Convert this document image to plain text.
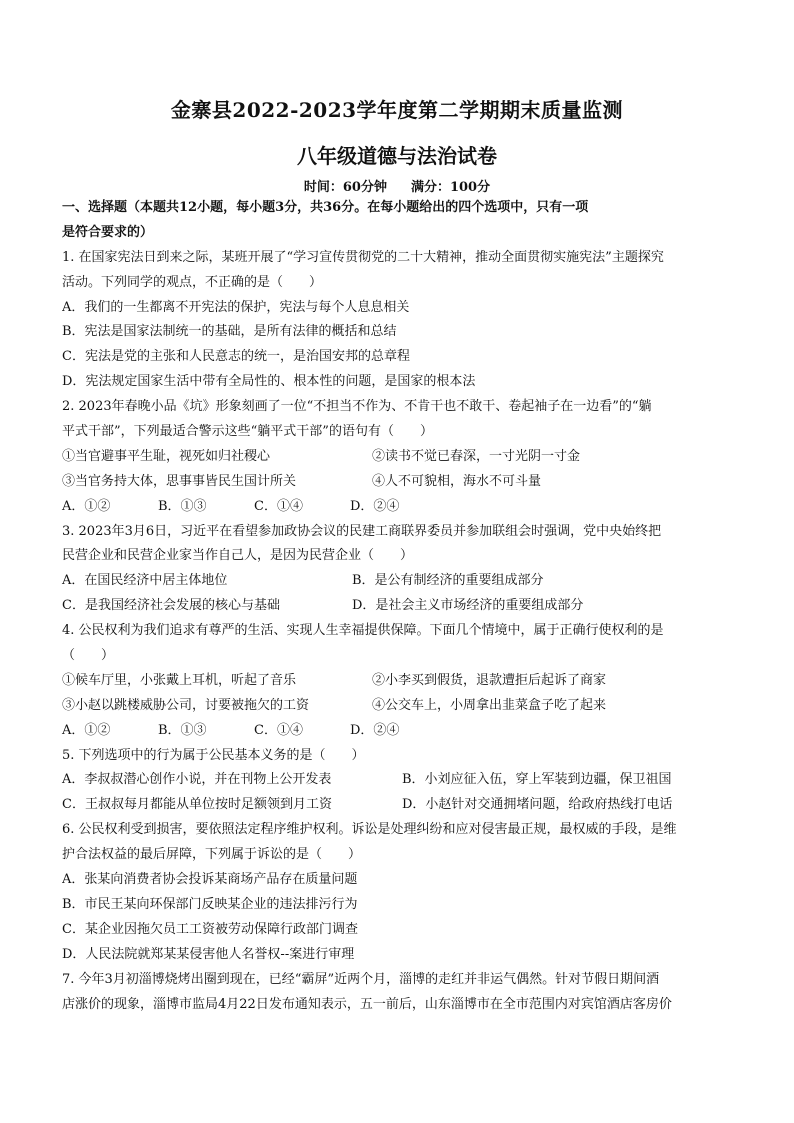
金寨县2022-2023学年度第二学期期末质量监测
八年级道德与法治试卷
时间：60分钟 满分：100分
一、选择题（本题共12小题，每小题3分，共36分。在每小题给出的四个选项中，只有一项
是符合要求的）
1. 在国家宪法日到来之际，某班开展了“学习宣传贯彻党的二十大精神，推动全面贯彻实施宪法”主题探究
活动。下列同学的观点，不正确的是（　　）
A．我们的一生都离不开宪法的保护，宪法与每个人息息相关
B．宪法是国家法制统一的基础，是所有法律的概括和总结
C．宪法是党的主张和人民意志的统一，是治国安邦的总章程
D．宪法规定国家生活中带有全局性的、根本性的问题，是国家的根本法
2. 2023年春晚小品《坑》形象刻画了一位“不担当不作为、不肯干也不敢干、卷起袖子在一边看”的“躺
平式干部”，下列最适合警示这些“躺平式干部”的语句有（　　）
①当官避事平生耻，视死如归社稷心	②读书不觉已春深，一寸光阴一寸金
③当官务持大体，思事事皆民生国计所关	④人不可貌相，海水不可斗量
A．①②	B．①③	C．①④	D．②④
3. 2023年3月6日，习近平在看望参加政协会议的民建工商联界委员并参加联组会时强调，党中央始终把
民营企业和民营企业家当作自己人，是因为民营企业（　　）
A．在国民经济中居主体地位	B．是公有制经济的重要组成部分
C．是我国经济社会发展的核心与基础	D．是社会主义市场经济的重要组成部分
4. 公民权利为我们追求有尊严的生活、实现人生幸福提供保障。下面几个情境中，属于正确行使权利的是
（　　）
①候车厅里，小张戴上耳机，听起了音乐	②小李买到假货，退款遭拒后起诉了商家
③小赵以跳楼威胁公司，讨要被拖欠的工资	④公交车上，小周拿出韭菜盒子吃了起来
A．①②	B．①③	C．①④	D．②④
5. 下列选项中的行为属于公民基本义务的是（　　）
A．李叔叔潜心创作小说，并在刊物上公开发表	B．小刘应征入伍，穿上军装到边疆，保卫祖国
C．王叔叔每月都能从单位按时足额领到月工资	D．小赵针对交通拥堵问题，给政府热线打电话
6. 公民权利受到损害，要依照法定程序维护权利。诉讼是处理纠纷和应对侵害最正规，最权威的手段，是维
护合法权益的最后屏障，下列属于诉讼的是（　　）
A．张某向消费者协会投诉某商场产品存在质量问题
B．市民王某向环保部门反映某企业的违法排污行为
C．某企业因拖欠员工工资被劳动保障行政部门调查
D．人民法院就郑某某侵害他人名誉权--案进行审理
7. 今年3月初淄博烧烤出圈到现在，已经“霸屏”近两个月，淄博的走红并非运气偶然。针对节假日期间酒
店涨价的现象，淄博市监局4月22日发布通知表示，五一前后，山东淄博市在全市范围内对宾馆酒店客房价
